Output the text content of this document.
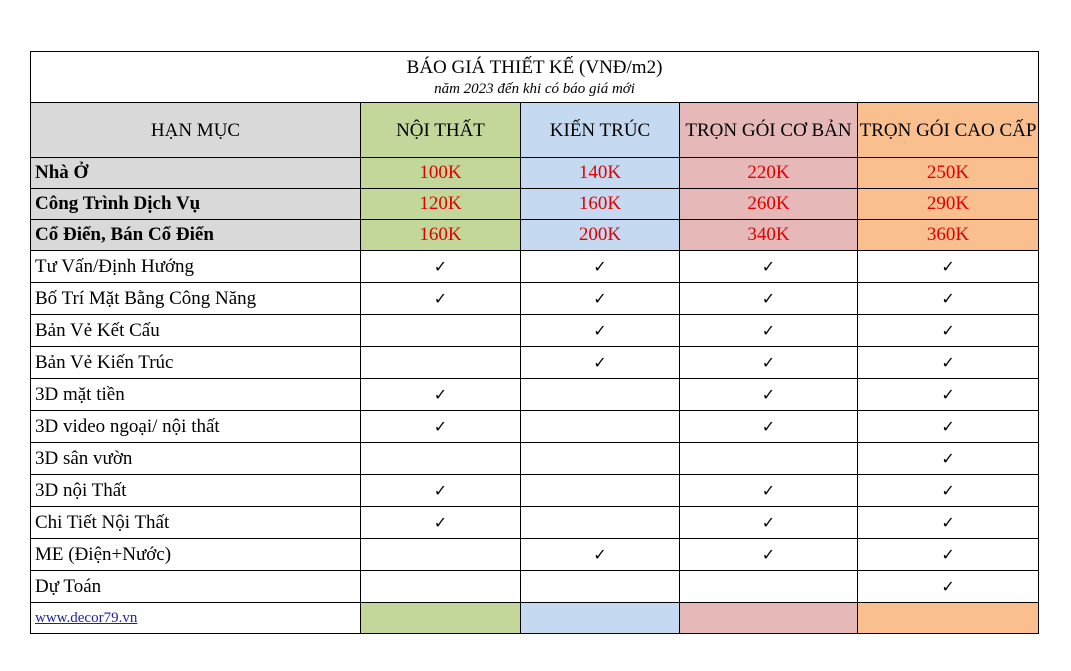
BÁO GIÁ THIẾT KẾ (VNĐ/m2)
năm 2023 đến khi có báo giá mới				

HẠN MỤC	NỘI THẤT	KIẾN TRÚC	TRỌN GÓI CƠ BẢN	TRỌN GÓI CAO CẤP
Nhà Ở	100K	140K	220K	250K
Công Trình Dịch Vụ	120K	160K	260K	290K
Cổ Điển, Bán Cổ Điển	160K	200K	340K	360K
Tư Vấn/Định Hướng	✓	✓	✓	✓
Bố Trí Mặt Bằng Công Năng	✓	✓	✓	✓
Bản Vẻ Kết Cấu		✓	✓	✓
Bản Vẻ Kiến Trúc		✓	✓	✓
3D mặt tiền	✓		✓	✓
3D video ngoại/ nội thất	✓		✓	✓
3D sân vườn				✓
3D nội Thất	✓		✓	✓
Chi Tiết Nội Thất	✓		✓	✓
ME (Điện+Nước)		✓	✓	✓
Dự Toán				✓
www.decor79.vn				
